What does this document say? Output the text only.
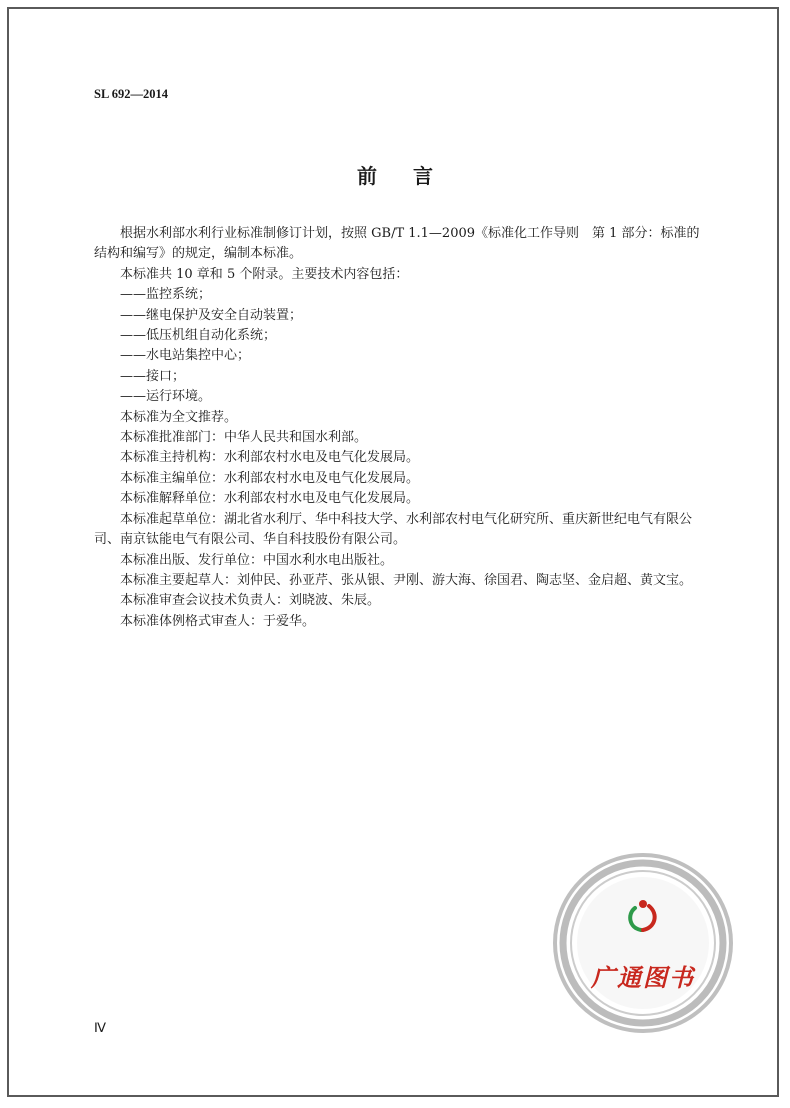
SL 692—2014
前言

根据水利部水利行业标准制修订计划，按照 GB/T 1.1—2009《标准化工作导则　第 1 部分：标准的结构和编写》的规定，编制本标准。

本标准共 10 章和 5 个附录。主要技术内容包括：

——监控系统；

——继电保护及安全自动装置；

——低压机组自动化系统；

——水电站集控中心；

——接口；

——运行环境。

本标准为全文推荐。

本标准批准部门：中华人民共和国水利部。

本标准主持机构：水利部农村水电及电气化发展局。

本标准主编单位：水利部农村水电及电气化发展局。

本标准解释单位：水利部农村水电及电气化发展局。

本标准起草单位：湖北省水利厅、华中科技大学、水利部农村电气化研究所、重庆新世纪电气有限公司、南京钛能电气有限公司、华自科技股份有限公司。

本标准出版、发行单位：中国水利水电出版社。

本标准主要起草人：刘仲民、孙亚芹、张从银、尹刚、游大海、徐国君、陶志坚、金启超、黄文宝。

本标准审查会议技术负责人：刘晓波、朱辰。

本标准体例格式审查人：于爱华。

广通图书
Ⅳ
